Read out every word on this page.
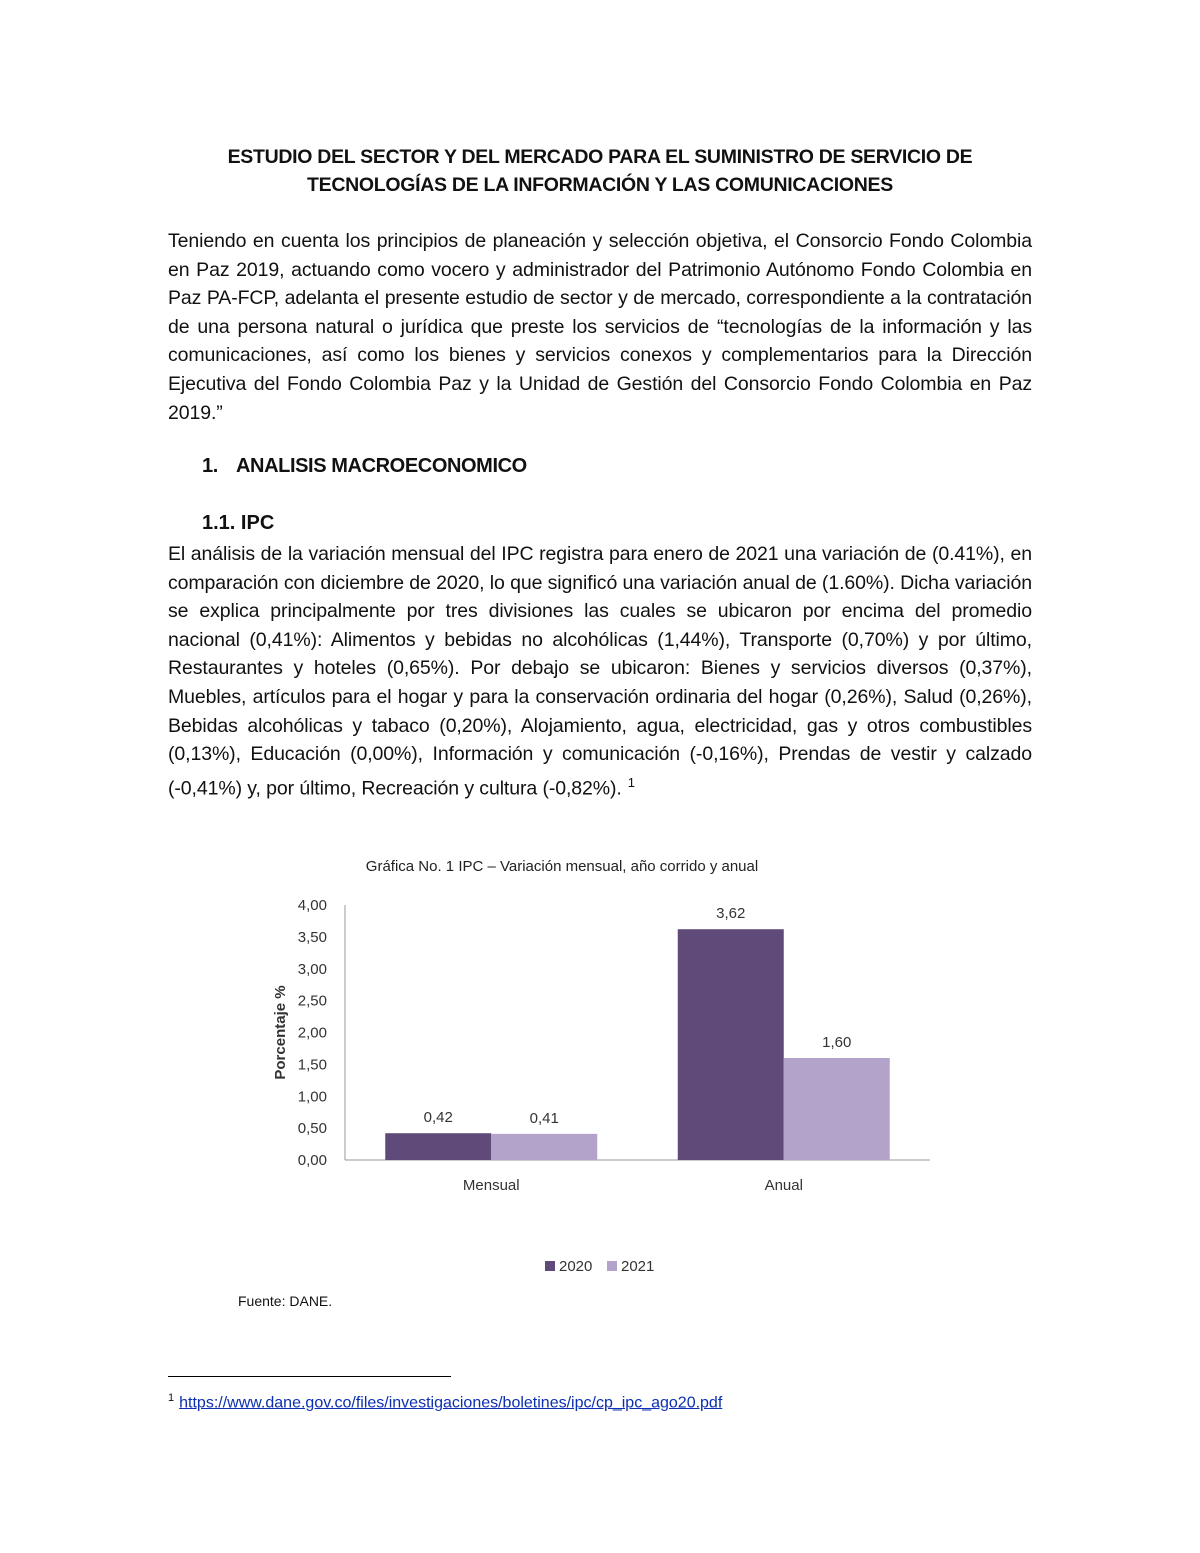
ESTUDIO DEL SECTOR Y DEL MERCADO PARA EL SUMINISTRO DE SERVICIO DE
TECNOLOGÍAS DE LA INFORMACIÓN Y LAS COMUNICACIONES
Teniendo en cuenta los principios de planeación y selección objetiva, el Consorcio Fondo Colombia en Paz 2019, actuando como vocero y administrador del Patrimonio Autónomo Fondo Colombia en Paz PA-FCP, adelanta el presente estudio de sector y de mercado, correspondiente a la contratación de una persona natural o jurídica que preste los servicios de “tecnologías de la información y las comunicaciones, así como los bienes y servicios conexos y complementarios para la Dirección Ejecutiva del Fondo Colombia Paz y la Unidad de Gestión del Consorcio Fondo Colombia en Paz 2019.”
1. ANALISIS MACROECONOMICO
1.1. IPC
El análisis de la variación mensual del IPC registra para enero de 2021 una variación de (0.41%), en comparación con diciembre de 2020, lo que significó una variación anual de (1.60%). Dicha variación se explica principalmente por tres divisiones las cuales se ubicaron por encima del promedio nacional (0,41%): Alimentos y bebidas no alcohólicas (1,44%), Transporte (0,70%) y por último, Restaurantes y hoteles (0,65%). Por debajo se ubicaron: Bienes y servicios diversos (0,37%), Muebles, artículos para el hogar y para la conservación ordinaria del hogar (0,26%), Salud (0,26%), Bebidas alcohólicas y tabaco (0,20%), Alojamiento, agua, electricidad, gas y otros combustibles (0,13%), Educación (0,00%), Información y comunicación (-0,16%), Prendas de vestir y calzado (-0,41%) y, por último, Recreación y cultura (-0,82%). $^1$
Gráfica No. 1 IPC – Variación mensual, año corrido y anual
0,00
0,50
1,00
1,50
2,00
2,50
3,00
3,50
4,00
Porcentaje %
0,42	0,41
Mensual
3,62
1,60
Anual
2020 2021
Fuente: DANE.
$^1$ https://www.dane.gov.co/files/investigaciones/boletines/ipc/cp_ipc_ago20.pdf
